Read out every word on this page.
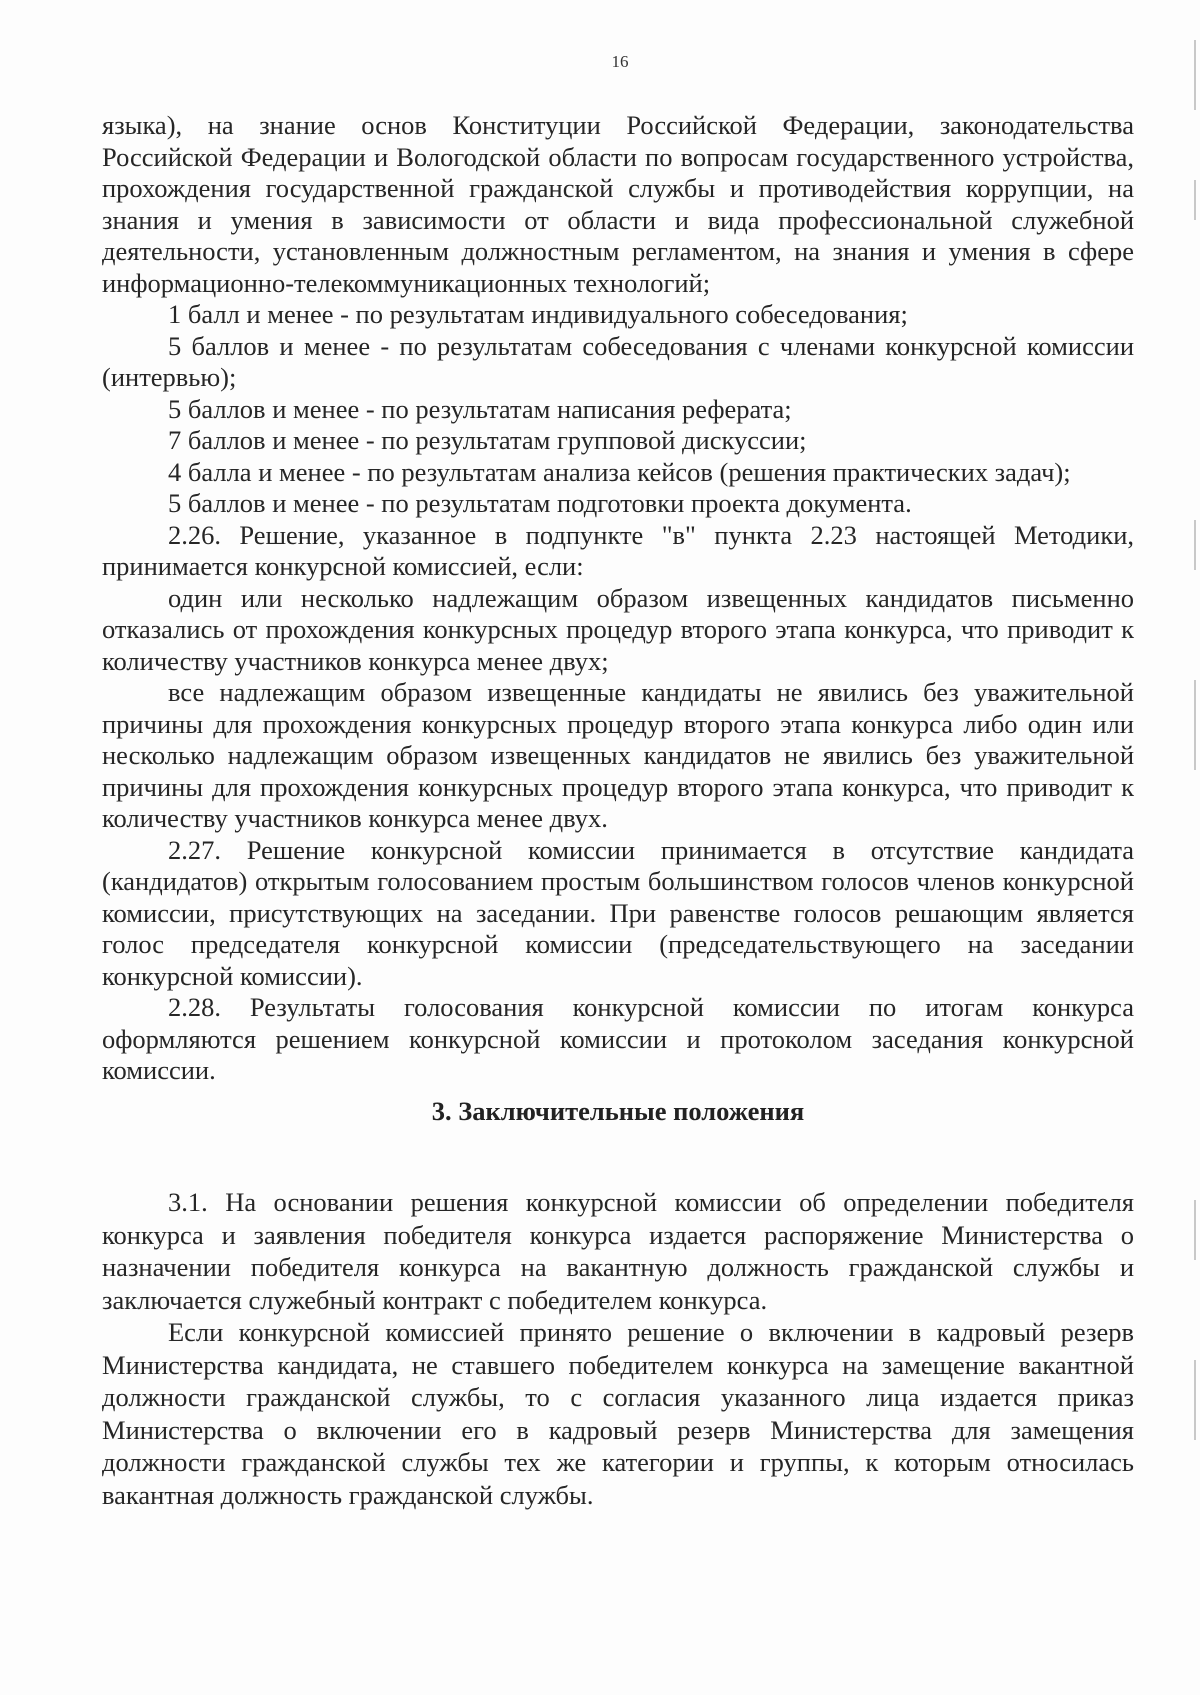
16

языка), на знание основ Конституции Российской Федерации, законодательства Российской Федерации и Вологодской области по вопросам государственного устройства, прохождения государственной гражданской службы и противодействия коррупции, на знания и умения в зависимости от области и вида профессиональной служебной деятельности, установленным должностным регламентом, на знания и умения в сфере информационно-телекоммуникационных технологий;

1 балл и менее - по результатам индивидуального собеседования;

5 баллов и менее - по результатам собеседования с членами конкурсной комиссии (интервью);

5 баллов и менее - по результатам написания реферата;

7 баллов и менее - по результатам групповой дискуссии;

4 балла и менее - по результатам анализа кейсов (решения практических задач);

5 баллов и менее - по результатам подготовки проекта документа.

2.26. Решение, указанное в подпункте "в" пункта 2.23 настоящей Методики, принимается конкурсной комиссией, если:

один или несколько надлежащим образом извещенных кандидатов письменно отказались от прохождения конкурсных процедур второго этапа конкурса, что приводит к количеству участников конкурса менее двух;

все надлежащим образом извещенные кандидаты не явились без уважительной причины для прохождения конкурсных процедур второго этапа конкурса либо один или несколько надлежащим образом извещенных кандидатов не явились без уважительной причины для прохождения конкурсных процедур второго этапа конкурса, что приводит к количеству участников конкурса менее двух.

2.27. Решение конкурсной комиссии принимается в отсутствие кандидата (кандидатов) открытым голосованием простым большинством голосов членов конкурсной комиссии, присутствующих на заседании. При равенстве голосов решающим является голос председателя конкурсной комиссии (председательствующего на заседании конкурсной комиссии).

2.28. Результаты голосования конкурсной комиссии по итогам конкурса оформляются решением конкурсной комиссии и протоколом заседания конкурсной комиссии.

3. Заключительные положения

3.1. На основании решения конкурсной комиссии об определении победителя конкурса и заявления победителя конкурса издается распоряжение Министерства о назначении победителя конкурса на вакантную должность гражданской службы и заключается служебный контракт с победителем конкурса.

Если конкурсной комиссией принято решение о включении в кадровый резерв Министерства кандидата, не ставшего победителем конкурса на замещение вакантной должности гражданской службы, то с согласия указанного лица издается приказ Министерства о включении его в кадровый резерв Министерства для замещения должности гражданской службы тех же категории и группы, к которым относилась вакантная должность гражданской службы.
